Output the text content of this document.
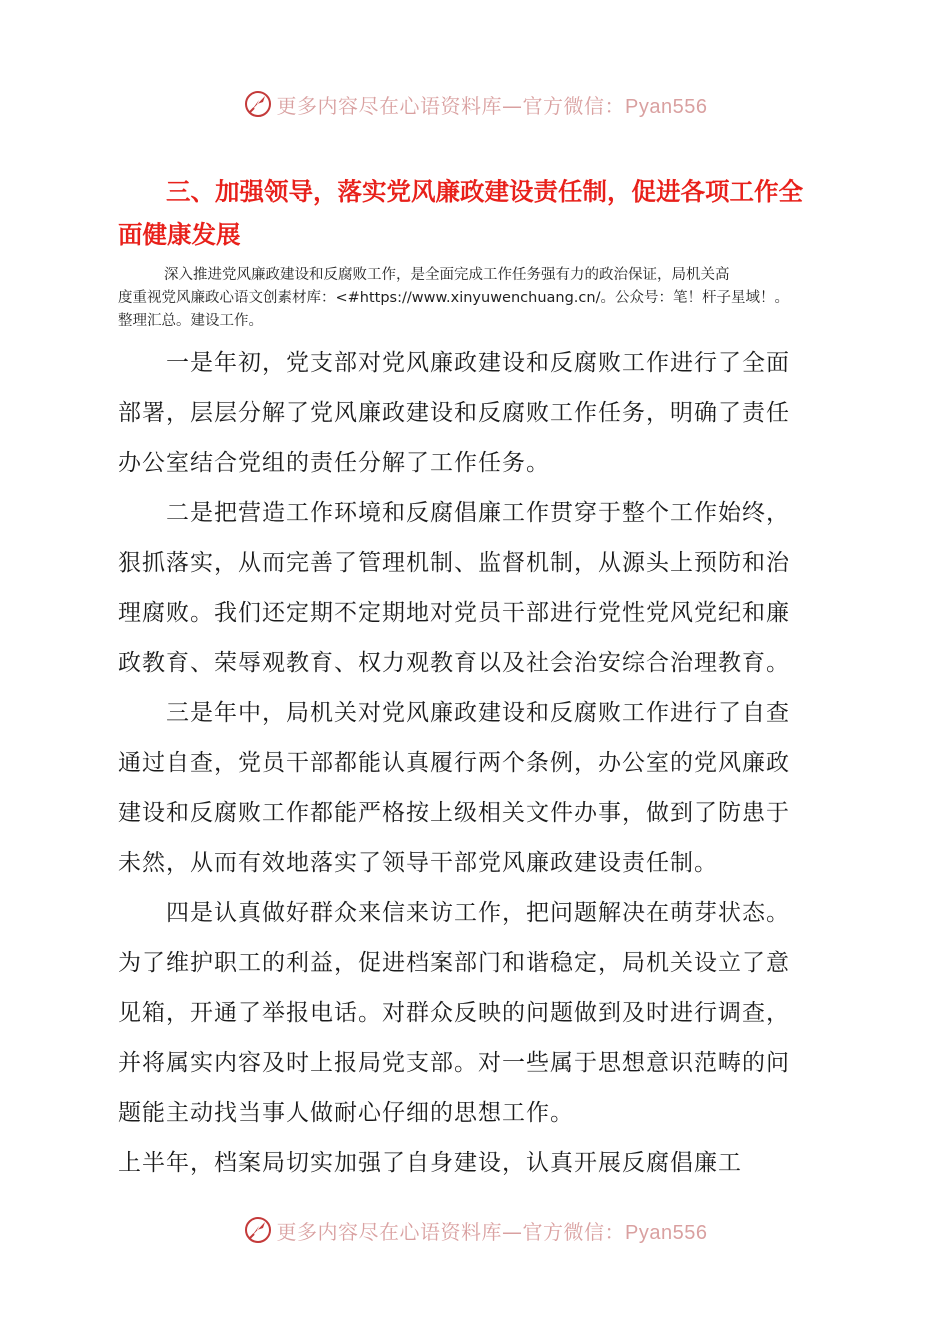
更多内容尽在心语资料库—官方微信：Pyan556
三、加强领导，落实党风廉政建设责任制，促进各项工作全
面健康发展
深入推进党风廉政建设和反腐败工作，是全面完成工作任务强有力的政治保证，局机关高
度重视党风廉政心语文创素材库：<#https://www.xinyuwenchuang.cn/。公众号：笔！杆子星域！。
整理汇总。建设工作。
一是年初，党支部对党风廉政建设和反腐败工作进行了全面
部署，层层分解了党风廉政建设和反腐败工作任务，明确了责任
办公室结合党组的责任分解了工作任务。
二是把营造工作环境和反腐倡廉工作贯穿于整个工作始终，
狠抓落实，从而完善了管理机制、监督机制，从源头上预防和治
理腐败。我们还定期不定期地对党员干部进行党性党风党纪和廉
政教育、荣辱观教育、权力观教育以及社会治安综合治理教育。
三是年中，局机关对党风廉政建设和反腐败工作进行了自查
通过自查，党员干部都能认真履行两个条例，办公室的党风廉政
建设和反腐败工作都能严格按上级相关文件办事，做到了防患于
未然，从而有效地落实了领导干部党风廉政建设责任制。
四是认真做好群众来信来访工作，把问题解决在萌芽状态。
为了维护职工的利益，促进档案部门和谐稳定，局机关设立了意
见箱，开通了举报电话。对群众反映的问题做到及时进行调查，
并将属实内容及时上报局党支部。对一些属于思想意识范畴的问
题能主动找当事人做耐心仔细的思想工作。
上半年，档案局切实加强了自身建设，认真开展反腐倡廉工
更多内容尽在心语资料库—官方微信：Pyan556
